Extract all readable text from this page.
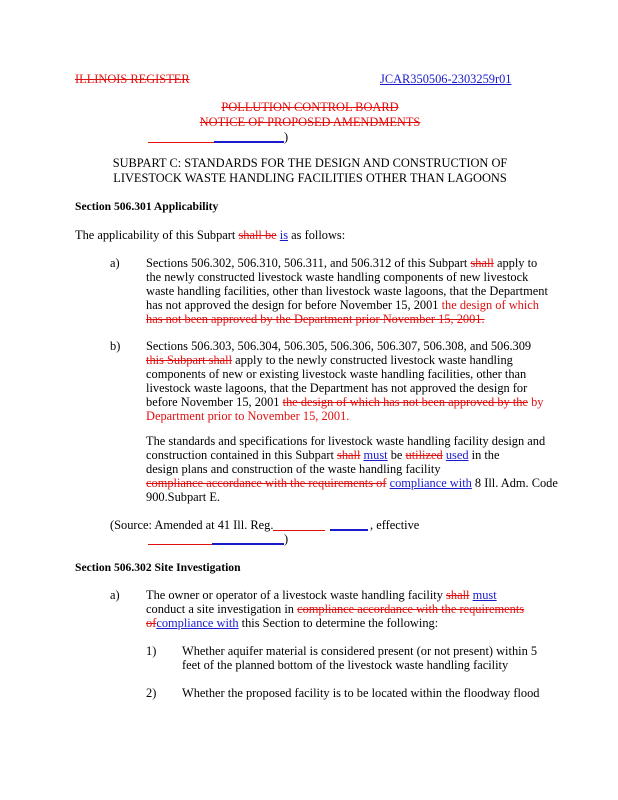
ILLINOIS REGISTER	JCAR350506-2303259r01
POLLUTION CONTROL BOARD
NOTICE OF PROPOSED AMENDMENTS
)
SUBPART C: STANDARDS FOR THE DESIGN AND CONSTRUCTION OF
LIVESTOCK WASTE HANDLING FACILITIES OTHER THAN LAGOONS
Section 506.301 Applicability
The applicability of this Subpart shall be is as follows:
a) Sections 506.302, 506.310, 506.311, and 506.312 of this Subpart shall apply to
the newly constructed livestock waste handling components of new livestock
waste handling facilities, other than livestock waste lagoons, that the Department
has not approved the design for before November 15, 2001 the design of which
has not been approved by the Department prior November 15, 2001.
b) Sections 506.303, 506.304, 506.305, 506.306, 506.307, 506.308, and 506.309
this Subpart shall apply to the newly constructed livestock waste handling
components of new or existing livestock waste handling facilities, other than
livestock waste lagoons, that the Department has not approved the design for
before November 15, 2001 the design of which has not been approved by the by
Department prior to November 15, 2001.
The standards and specifications for livestock waste handling facility design and
construction contained in this Subpart shall must be utilized used in the
design plans and construction of the waste handling facility
compliance accordance with the requirements of compliance with 8 Ill. Adm. Code
900.Subpart E.
(Source: Amended at 41 Ill. Reg.	, effective
)
Section 506.302 Site Investigation
a) The owner or operator of a livestock waste handling facility shall must
conduct a site investigation in compliance accordance with the requirements
ofcompliance with this Section to determine the following:
1) Whether aquifer material is considered present (or not present) within 5
feet of the planned bottom of the livestock waste handling facility
2) Whether the proposed facility is to be located within the floodway flood
